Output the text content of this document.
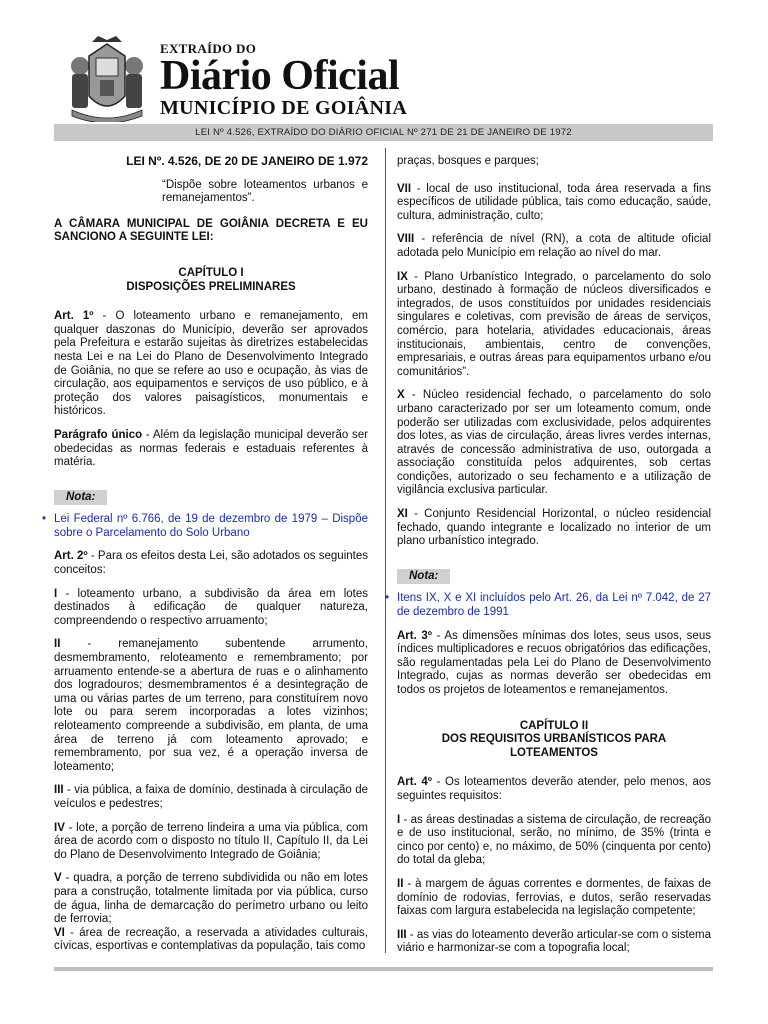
EXTRAÍDO DO
Diário Oficial
MUNICÍPIO DE GOIÂNIA
LEI Nº 4.526, EXTRAÍDO DO DIÁRIO OFICIAL Nº 271 DE 21 DE JANEIRO DE 1972

LEI Nº. 4.526, DE 20 DE JANEIRO DE 1.972

“Dispõe sobre loteamentos urbanos e remanejamentos”.

A CÂMARA MUNICIPAL DE GOIÂNIA DECRETA E EU SANCIONO A SEGUINTE LEI:

CAPÍTULO I
DISPOSIÇÕES PRELIMINARES

Art. 1º - O loteamento urbano e remanejamento, em qualquer daszonas do Município, deverão ser aprovados pela Prefeitura e estarão sujeitas às diretrizes estabelecidas nesta Lei e na Lei do Plano de Desenvolvimento Integrado de Goiânia, no que se refere ao uso e ocupação, às vias de circulação, aos equipamentos e serviços de uso público, e à proteção dos valores paisagísticos, monumentais e históricos.

Parágrafo único - Além da legislação municipal deverão ser obedecidas as normas federais e estaduais referentes à matéria.

Nota:

• Lei Federal nº 6.766, de 19 de dezembro de 1979 – Dispõe sobre o Parcelamento do Solo Urbano

Art. 2º - Para os efeitos desta Lei, são adotados os seguintes conceitos:

I - loteamento urbano, a subdivisão da área em lotes destinados à edificação de qualquer natureza, compreendendo o respectivo arruamento;

II - remanejamento subentende arrumento, desmembramento, reloteamento e remembramento; por arruamento entende-se a abertura de ruas e o alinhamento dos logradouros; desmembramentos é a desintegração de uma ou várias partes de um terreno, para constituírem novo lote ou para serem incorporadas a lotes vizinhos; reloteamento compreende a subdivisão, em planta, de uma área de terreno já com loteamento aprovado; e remembramento, por sua vez, é a operação inversa de loteamento;

III - via pública, a faixa de domínio, destinada à circulação de veículos e pedestres;

IV - lote, a porção de terreno lindeira a uma via pública, com área de acordo com o disposto no título II, Capítulo II, da Lei do Plano de Desenvolvimento Integrado de Goiânia;

V - quadra, a porção de terreno subdividida ou não em lotes para a construção, totalmente limitada por via pública, curso de água, linha de demarcação do perímetro urbano ou leito de ferrovia;

VI - área de recreação, a reservada a atividades culturais, cívicas, esportivas e contemplativas da população, tais como

praças, bosques e parques;

VII - local de uso institucional, toda área reservada a fins específicos de utilidade pública, tais como educação, saúde, cultura, administração, culto;

VIII - referência de nível (RN), a cota de altitude oficial adotada pelo Município em relação ao nível do mar.

IX - Plano Urbanístico Integrado, o parcelamento do solo urbano, destinado à formação de núcleos diversificados e integrados, de usos constituídos por unidades residenciais singulares e coletivas, com previsão de áreas de serviços, comércio, para hotelaria, atividades educacionais, áreas institucionais, ambientais, centro de convenções, empresariais, e outras áreas para equipamentos urbano e/ou comunitários”.

X - Núcleo residencial fechado, o parcelamento do solo urbano caracterizado por ser um loteamento comum, onde poderão ser utilizadas com exclusividade, pelos adquirentes dos lotes, as vias de circulação, áreas livres verdes internas, através de concessão administrativa de uso, outorgada a associação constituída pelos adquirentes, sob certas condições, autorizado o seu fechamento e a utilização de vigilância exclusiva particular.

XI - Conjunto Residencial Horizontal, o núcleo residencial fechado, quando integrante e localizado no interior de um plano urbanístico integrado.

Nota:

• Itens IX, X e XI incluídos pelo Art. 26, da Lei nº 7.042, de 27 de dezembro de 1991

Art. 3º - As dimensões mínimas dos lotes, seus usos, seus índices multiplicadores e recuos obrigatórios das edificações, são regulamentadas pela Lei do Plano de Desenvolvimento Integrado, cujas as normas deverão ser obedecidas em todos os projetos de loteamentos e remanejamentos.

CAPÍTULO II
DOS REQUISITOS URBANÍSTICOS PARA LOTEAMENTOS

Art. 4º - Os loteamentos deverão atender, pelo menos, aos seguintes requisitos:

I - as áreas destinadas a sistema de circulação, de recreação e de uso institucional, serão, no mínimo, de 35% (trinta e cinco por cento) e, no máximo, de 50% (cinquenta por cento) do total da gleba;

II - à margem de águas correntes e dormentes, de faixas de domínio de rodovias, ferrovias, e dutos, serão reservadas faixas com largura estabelecida na legislação competente;

III - as vias do loteamento deverão articular-se com o sistema viário e harmonizar-se com a topografia local;
